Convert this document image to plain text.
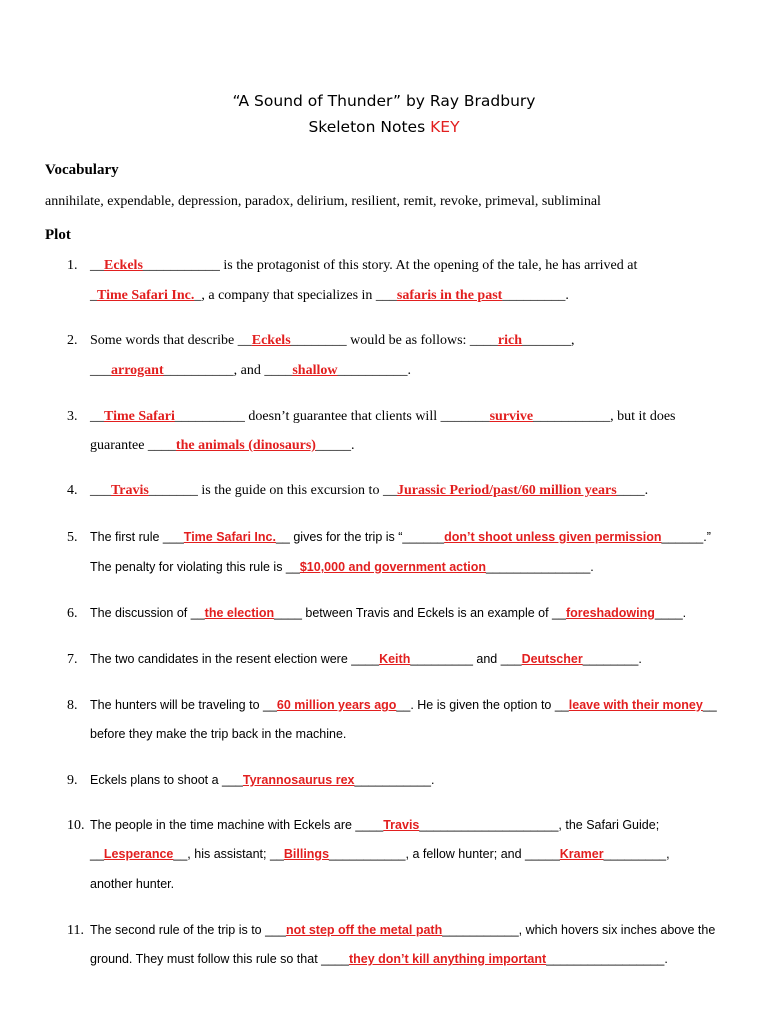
“A Sound of Thunder” by Ray Bradbury
Skeleton Notes KEY
Vocabulary
annihilate, expendable, depression, paradox, delirium, resilient, remit, revoke, primeval, subliminal
Plot
1. __Eckels___________ is the protagonist of this story. At the opening of the tale, he has arrived at
_Time Safari Inc._, a company that specializes in ___safaris in the past_________.
2. Some words that describe __Eckels________ would be as follows: ____rich_______,
___arrogant__________, and ____shallow__________.
3. __Time Safari__________ doesn’t guarantee that clients will _______survive___________, but it does
guarantee ____the animals (dinosaurs)_____.
4. ___Travis_______ is the guide on this excursion to __Jurassic Period/past/60 million years____.
5. The first rule ___Time Safari Inc.__ gives for the trip is “______don’t shoot unless given permission______.”
The penalty for violating this rule is __$10,000 and government action_______________.
6. The discussion of __the election____ between Travis and Eckels is an example of __foreshadowing____.
7. The two candidates in the resent election were ____Keith_________ and ___Deutscher________.
8. The hunters will be traveling to __60 million years ago__. He is given the option to __leave with their money__
before they make the trip back in the machine.
9. Eckels plans to shoot a ___Tyrannosaurus rex___________.
10. The people in the time machine with Eckels are ____Travis____________________, the Safari Guide;
__Lesperance__, his assistant; __Billings___________, a fellow hunter; and _____Kramer_________,
another hunter.
11. The second rule of the trip is to ___not step off the metal path___________, which hovers six inches above the
ground. They must follow this rule so that ____they don’t kill anything important_________________.
